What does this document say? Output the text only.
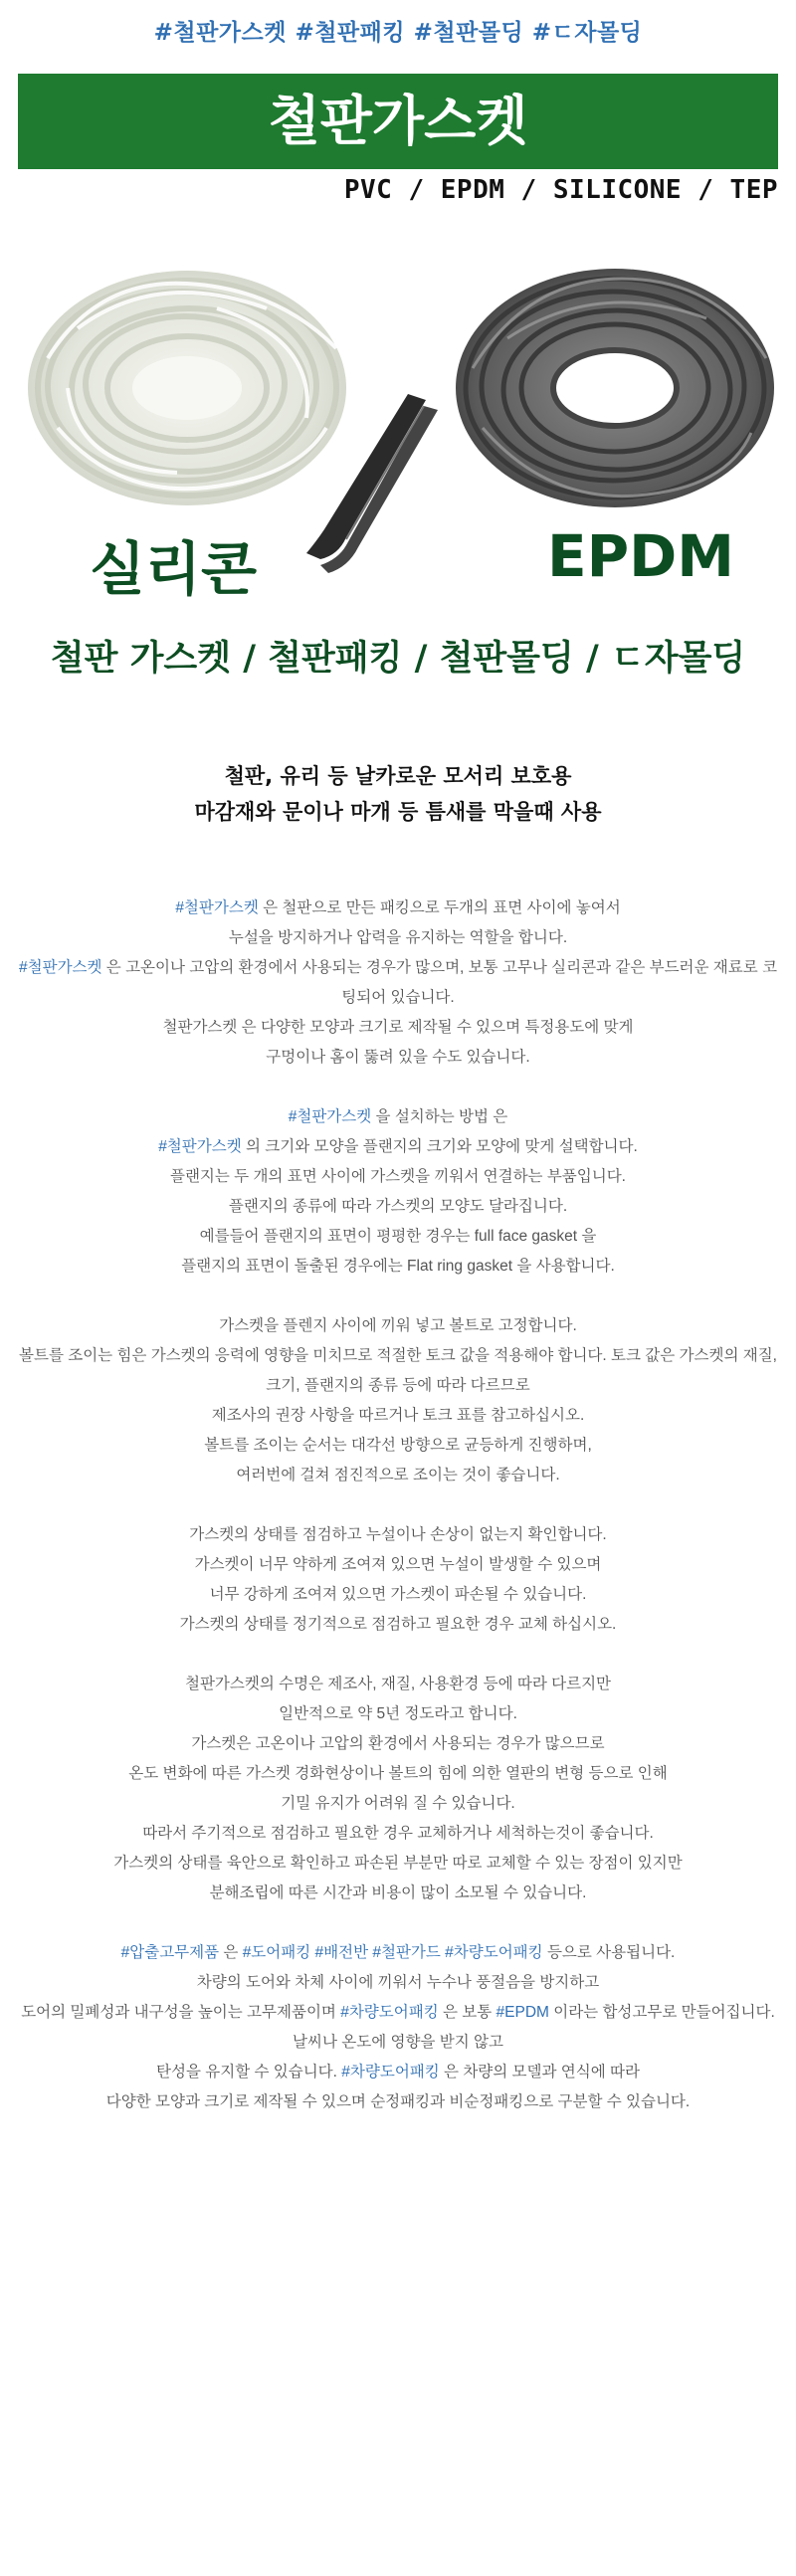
#철판가스켓 #철판패킹 #철판몰딩 #ㄷ자몰딩
철판가스켓
PVC / EPDM / SILICONE / TEP
실리콘	EPDM
철판 가스켓 / 철판패킹 / 철판몰딩 / ㄷ자몰딩
철판, 유리 등 날카로운 모서리 보호용
마감재와 문이나 마개 등 틈새를 막을때 사용

#철판가스켓 은 철판으로 만든 패킹으로 두개의 표면 사이에 놓여서

누설을 방지하거나 압력을 유지하는 역할을 합니다.

#철판가스켓 은 고온이나 고압의 환경에서 사용되는 경우가 많으며, 보통 고무나 실리콘과 같은 부드러운 재료로 코

팅되어 있습니다.

철판가스켓 은 다양한 모양과 크기로 제작될 수 있으며 특정용도에 맞게

구멍이나 홈이 뚫려 있을 수도 있습니다.

#철판가스켓 을 설치하는 방법 은

#철판가스켓 의 크기와 모양을 플랜지의 크기와 모양에 맞게 설택합니다.

플랜지는 두 개의 표면 사이에 가스켓을 끼워서 연결하는 부품입니다.

플랜지의 종류에 따라 가스켓의 모양도 달라집니다.

예를들어 플랜지의 표면이 평평한 경우는 full face gasket 을

플랜지의 표면이 돌출된 경우에는 Flat ring gasket 을 사용합니다.

가스켓을 플렌지 사이에 끼워 넣고 볼트로 고정합니다.

볼트를 조이는 힘은 가스켓의 응력에 영향을 미치므로 적절한 토크 값을 적용해야 합니다. 토크 값은 가스켓의 재질,

크기, 플랜지의 종류 등에 따라 다르므로

제조사의 권장 사항을 따르거나 토크 표를 참고하십시오.

볼트를 조이는 순서는 대각선 방향으로 균등하게 진행하며,

여러번에 걸쳐 점진적으로 조이는 것이 좋습니다.

가스켓의 상태를 점검하고 누설이나 손상이 없는지 확인합니다.

가스켓이 너무 약하게 조여져 있으면 누설이 발생할 수 있으며

너무 강하게 조여져 있으면 가스켓이 파손될 수 있습니다.

가스켓의 상태를 정기적으로 점검하고 필요한 경우 교체 하십시오.

철판가스켓의 수명은 제조사, 재질, 사용환경 등에 따라 다르지만

일반적으로 약 5년 정도라고 합니다.

가스켓은 고온이나 고압의 환경에서 사용되는 경우가 많으므로

온도 변화에 따른 가스켓 경화현상이나 볼트의 힘에 의한 열판의 변형 등으로 인해

기밀 유지가 어려워 질 수 있습니다.

따라서 주기적으로 점검하고 필요한 경우 교체하거나 세척하는것이 좋습니다.

가스켓의 상태를 육안으로 확인하고 파손된 부분만 따로 교체할 수 있는 장점이 있지만

분해조립에 따른 시간과 비용이 많이 소모될 수 있습니다.

#압출고무제품 은 #도어패킹 #배전반 #철판가드 #차량도어패킹 등으로 사용됩니다.

차량의 도어와 차체 사이에 끼워서 누수나 풍절음을 방지하고

도어의 밀폐성과 내구성을 높이는 고무제품이며 #차량도어패킹 은 보통 #EPDM 이라는 합성고무로 만들어집니다.

날씨나 온도에 영향을 받지 않고

탄성을 유지할 수 있습니다. #차량도어패킹 은 차량의 모델과 연식에 따라

다양한 모양과 크기로 제작될 수 있으며 순정패킹과 비순정패킹으로 구분할 수 있습니다.
